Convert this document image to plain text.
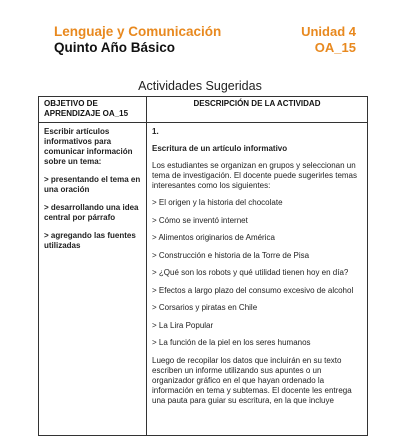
Lenguaje y Comunicación	Unidad 4
Quinto Año Básico	OA_15
Actividades Sugeridas
OBJETIVO DE APRENDIZAJE OA_15
DESCRIPCIÓN DE LA ACTIVIDAD

Escribir artículos informativos para comunicar información sobre un tema:

> presentando el tema en una oración

> desarrollando una idea central por párrafo

> agregando las fuentes utilizadas

1.

Escritura de un artículo informativo

Los estudiantes se organizan en grupos y seleccionan un tema de investigación. El docente puede sugerirles temas interesantes como los siguientes:

> El origen y la historia del chocolate

> Cómo se inventó internet

> Alimentos originarios de América

> Construcción e historia de la Torre de Pisa

> ¿Qué son los robots y qué utilidad tienen hoy en día?

> Efectos a largo plazo del consumo excesivo de alcohol

> Corsarios y piratas en Chile

> La Lira Popular

> La función de la piel en los seres humanos

Luego de recopilar los datos que incluirán en su texto escriben un informe utilizando sus apuntes o un organizador gráfico en el que hayan ordenado la información en tema y subtemas. El docente les entrega una pauta para guiar su escritura, en la que incluye
